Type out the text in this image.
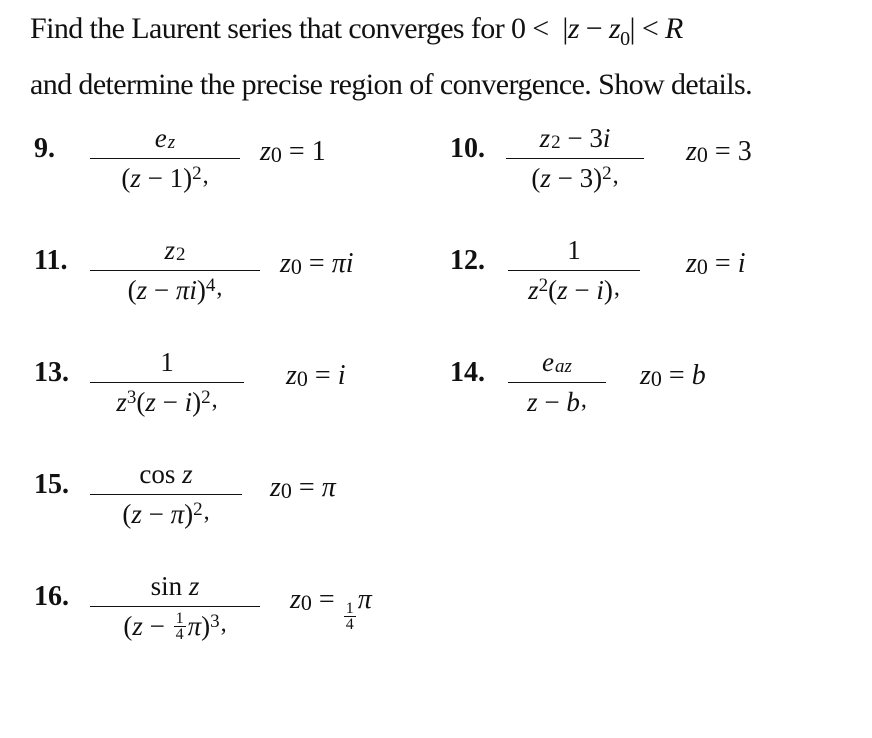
Find the Laurent series that converges for $0 < |z - z_0| < R$
and determine the precise region of convergence. Show details.
9.	e z
( z − 1) 2 ,
z0 = 1	10. z 2 − 3 i
( z − 3) 2 ,
z0 = 3
11.	z 2
( z − πi ) 4 ,
z0 = πi	12.	1
z 2 ( z − i ) ,
z0 = i
13.	1
z 3 ( z − i ) 2 ,
z0 = i	14. e az
z − b ,
z0 = b
15.	cos z
( z − π ) 2 ,
z0 = π
16.	sin z
( z − 1
4 π ) 3 ,
z0 =
$\frac{1}{4}$
π
